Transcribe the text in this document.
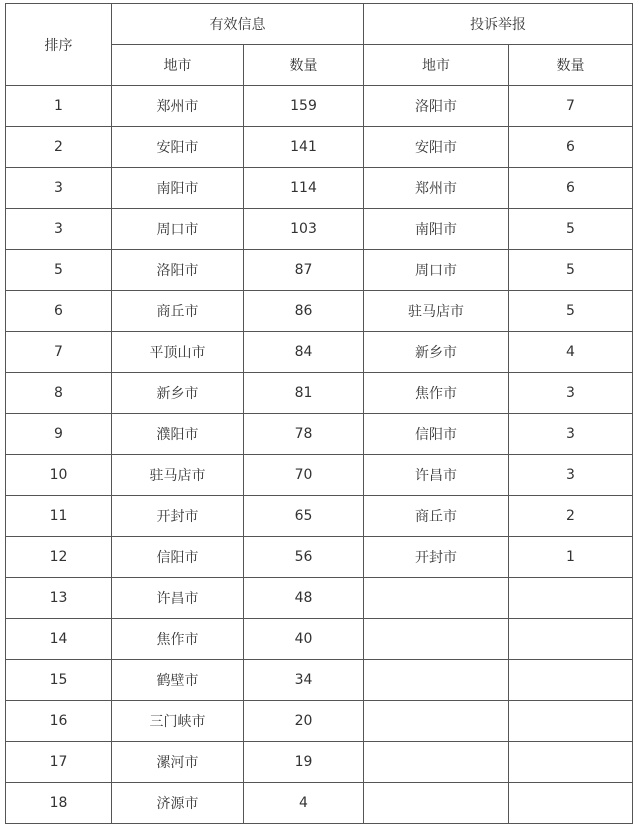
排序	有效信息		投诉举报	
	地市	数量	地市	数量
1	郑州市	159	洛阳市	7
2	安阳市	141	安阳市	6
3	南阳市	114	郑州市	6
3	周口市	103	南阳市	5
5	洛阳市	87	周口市	5
6	商丘市	86	驻马店市	5
7	平顶山市	84	新乡市	4
8	新乡市	81	焦作市	3
9	濮阳市	78	信阳市	3
10	驻马店市	70	许昌市	3
11	开封市	65	商丘市	2
12	信阳市	56	开封市	1
13	许昌市	48		
14	焦作市	40		
15	鹤壁市	34		
16	三门峡市	20		
17	漯河市	19		
18	济源市	4		
